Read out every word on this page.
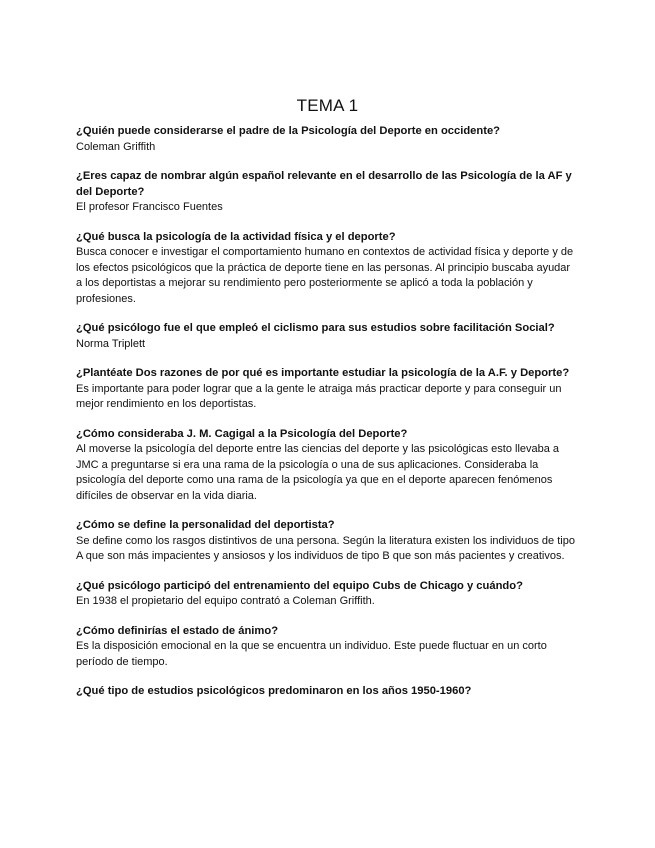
TEMA 1

¿Quién puede considerarse el padre de la Psicología del Deporte en occidente?

Coleman Griffith

¿Eres capaz de nombrar algún español relevante en el desarrollo de las Psicología de la AF y del Deporte?

El profesor Francisco Fuentes

¿Qué busca la psicología de la actividad física y el deporte?

Busca conocer e investigar el comportamiento humano en contextos de actividad física y deporte y de los efectos psicológicos que la práctica de deporte tiene en las personas. Al principio buscaba ayudar a los deportistas a mejorar su rendimiento pero posteriormente se aplicó a toda la población y profesiones.

¿Qué psicólogo fue el que empleó el ciclismo para sus estudios sobre facilitación Social?

Norma Triplett

¿Plantéate Dos razones de por qué es importante estudiar la psicología de la A.F. y Deporte?

Es importante para poder lograr que a la gente le atraiga más practicar deporte y para conseguir un mejor rendimiento en los deportistas.

¿Cómo consideraba J. M. Cagigal a la Psicología del Deporte?

Al moverse la psicología del deporte entre las ciencias del deporte y las psicológicas esto llevaba a JMC a preguntarse si era una rama de la psicología o una de sus aplicaciones. Consideraba la psicología del deporte como una rama de la psicología ya que en el deporte aparecen fenómenos difíciles de observar en la vida diaria.

¿Cómo se define la personalidad del deportista?

Se define como los rasgos distintivos de una persona. Según la literatura existen los individuos de tipo A que son más impacientes y ansiosos y los individuos de tipo B que son más pacientes y creativos.

¿Qué psicólogo participó del entrenamiento del equipo Cubs de Chicago y cuándo?

En 1938 el propietario del equipo contrató a Coleman Griffith.

¿Cómo definirías el estado de ánimo?

Es la disposición emocional en la que se encuentra un individuo. Este puede fluctuar en un corto período de tiempo.

¿Qué tipo de estudios psicológicos predominaron en los años 1950-1960?
